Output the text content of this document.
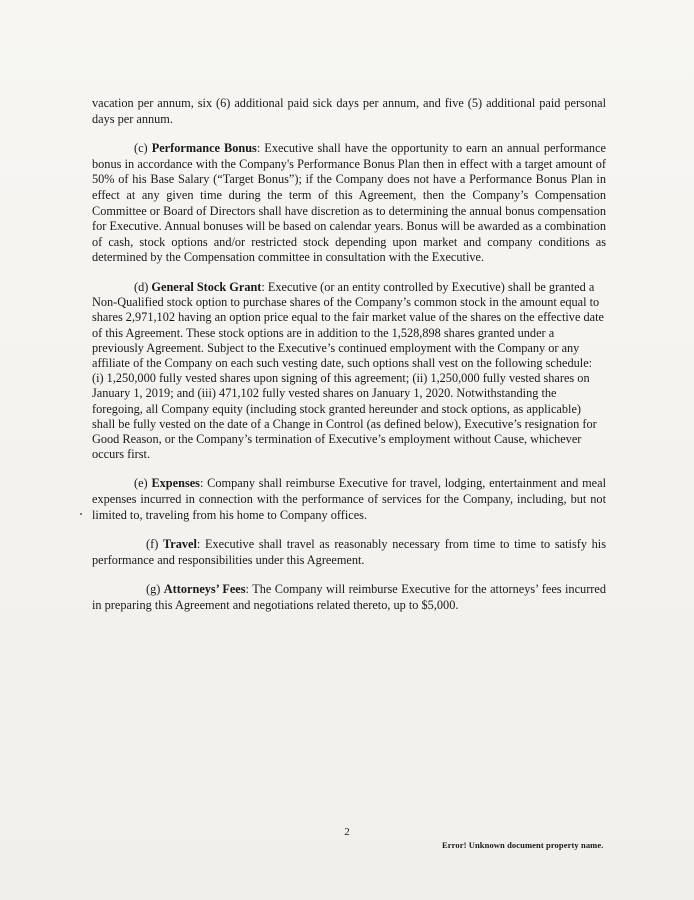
vacation per annum, six (6) additional paid sick days per annum, and five (5) additional paid personal days per annum.

(c) Performance Bonus: Executive shall have the opportunity to earn an annual performance bonus in accordance with the Company's Performance Bonus Plan then in effect with a target amount of 50% of his Base Salary (“Target Bonus”); if the Company does not have a Performance Bonus Plan in effect at any given time during the term of this Agreement, then the Company’s Compensation Committee or Board of Directors shall have discretion as to determining the annual bonus compensation for Executive. Annual bonuses will be based on calendar years. Bonus will be awarded as a combination of cash, stock options and/or restricted stock depending upon market and company conditions as determined by the Compensation committee in consultation with the Executive.

(d) General Stock Grant: Executive (or an entity controlled by Executive) shall be granted a Non-Qualified stock option to purchase shares of the Company’s common stock in the amount equal to shares 2,971,102 having an option price equal to the fair market value of the shares on the effective date of this Agreement. These stock options are in addition to the 1,528,898 shares granted under a previously Agreement. Subject to the Executive’s continued employment with the Company or any affiliate of the Company on each such vesting date, such options shall vest on the following schedule: (i) 1,250,000 fully vested shares upon signing of this agreement; (ii) 1,250,000 fully vested shares on January 1, 2019; and (iii) 471,102 fully vested shares on January 1, 2020. Notwithstanding the foregoing, all Company equity (including stock granted hereunder and stock options, as applicable) shall be fully vested on the date of a Change in Control (as defined below), Executive’s resignation for Good Reason, or the Company’s termination of Executive’s employment without Cause, whichever occurs first.

(e) Expenses: Company shall reimburse Executive for travel, lodging, entertainment and meal expenses incurred in connection with the performance of services for the Company, including, but not limited to, traveling from his home to Company offices.

(f) Travel: Executive shall travel as reasonably necessary from time to time to satisfy his performance and responsibilities under this Agreement.

(g) Attorneys’ Fees: The Company will reimburse Executive for the attorneys’ fees incurred in preparing this Agreement and negotiations related thereto, up to $5,000.

2
Error! Unknown document property name.
